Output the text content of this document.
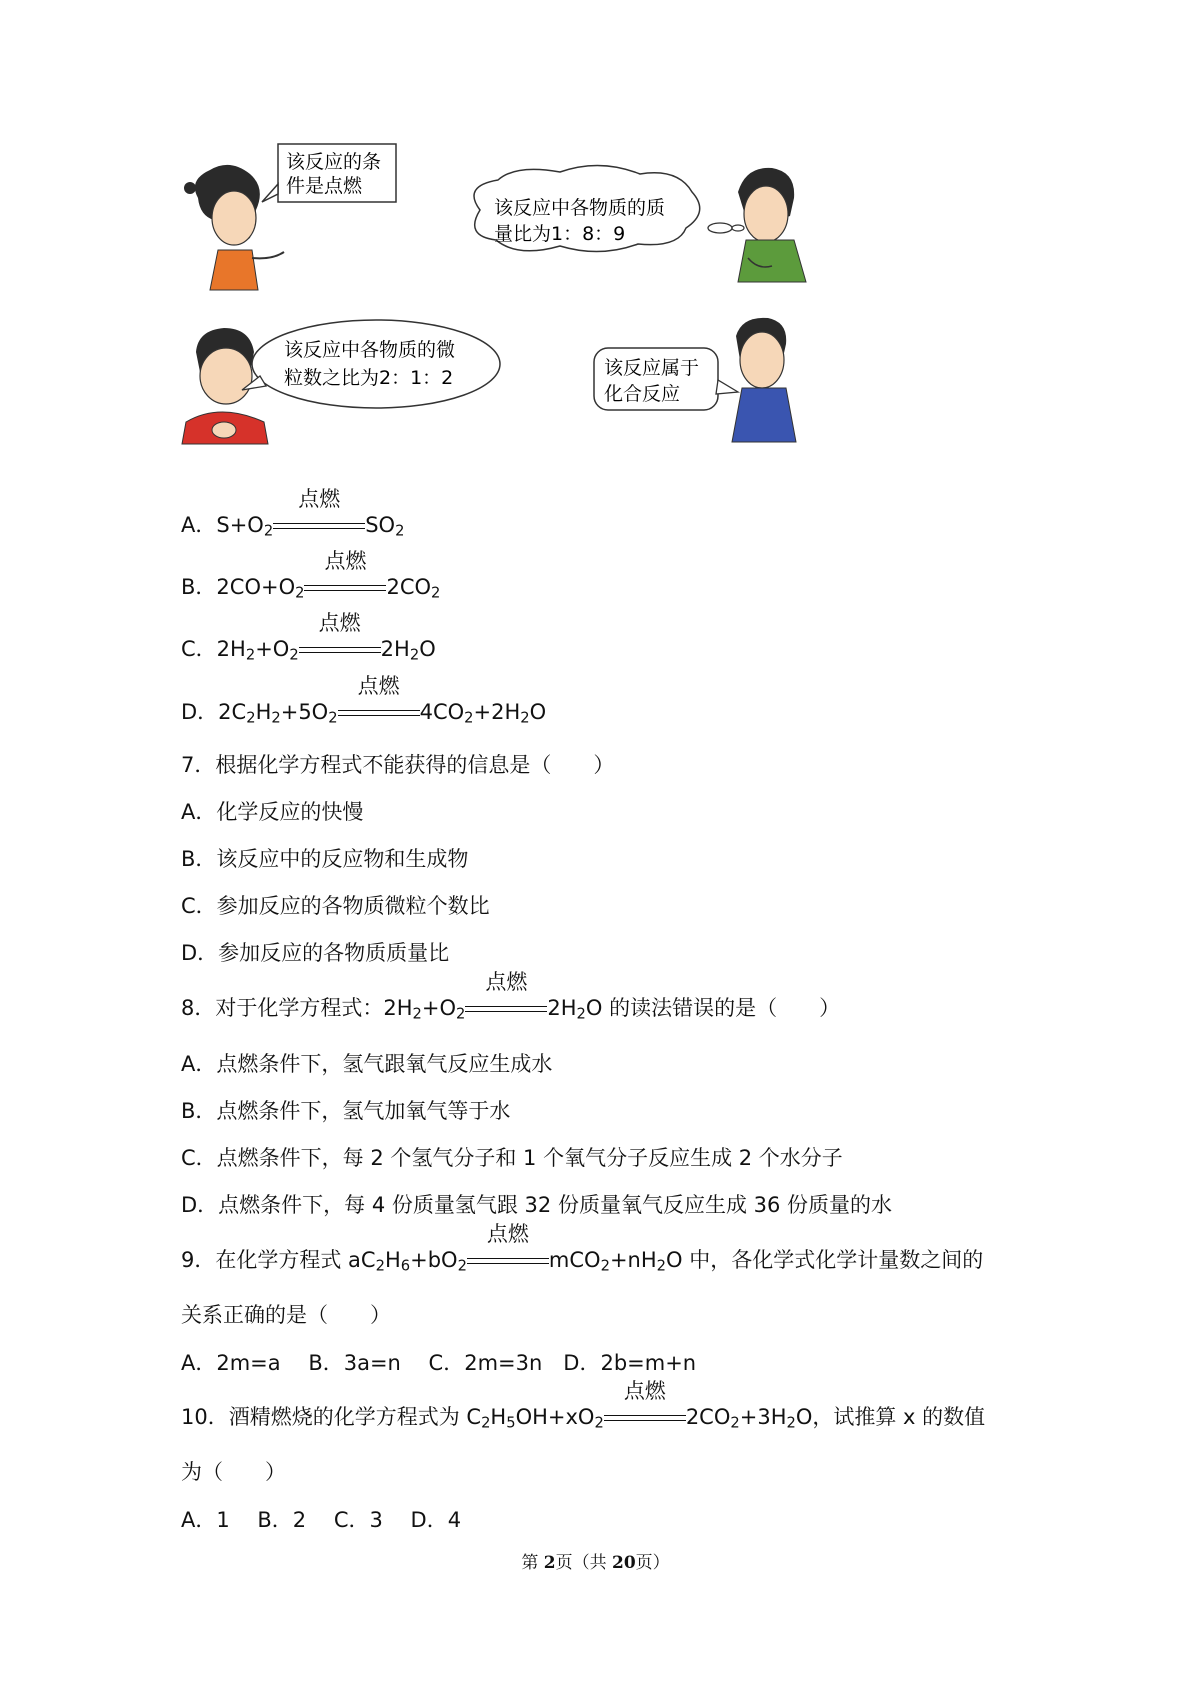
该反应的条
件是点燃
该反应中各物质的质
量比为1：8：9
该反应中各物质的微
粒数之比为2：1：2	该反应属于
化合反应
A．$S+O_2$
点燃
$SO_2$
B．$2CO+O_2$
点燃
$2CO_2$
C．$2H_2+O_2$
点燃
$2H_2O$
D．$2C_2H_2+5O_2$
点燃
$4CO_2+2H_2O$
7．根据化学方程式不能获得的信息是（　　）
A．化学反应的快慢
B．该反应中的反应物和生成物
C．参加反应的各物质微粒个数比
D．参加反应的各物质质量比
8．对于化学方程式：$2H_2+O_2$
点燃
$2H_2O$ 的读法错误的是（　　）
A．点燃条件下，氢气跟氧气反应生成水
B．点燃条件下，氢气加氧气等于水
C．点燃条件下，每 2 个氢气分子和 1 个氧气分子反应生成 2 个水分子
D．点燃条件下，每 4 份质量氢气跟 32 份质量氧气反应生成 36 份质量的水
9．在化学方程式 $aC_2H_6+bO_2$
点燃
$mCO_2+nH_2O$ 中，各化学式化学计量数之间的
关系正确的是（　　）
A．2m=a　 B．3a=n　 C．2m=3n　D．2b=m+n
10．酒精燃烧的化学方程式为 $C_2H_5OH+xO_2$
点燃
$2CO_2+3H_2O$，试推算 x 的数值
为（　　）
A．1　 B．2　 C．3　 D．4
第 2页（共 20页）
